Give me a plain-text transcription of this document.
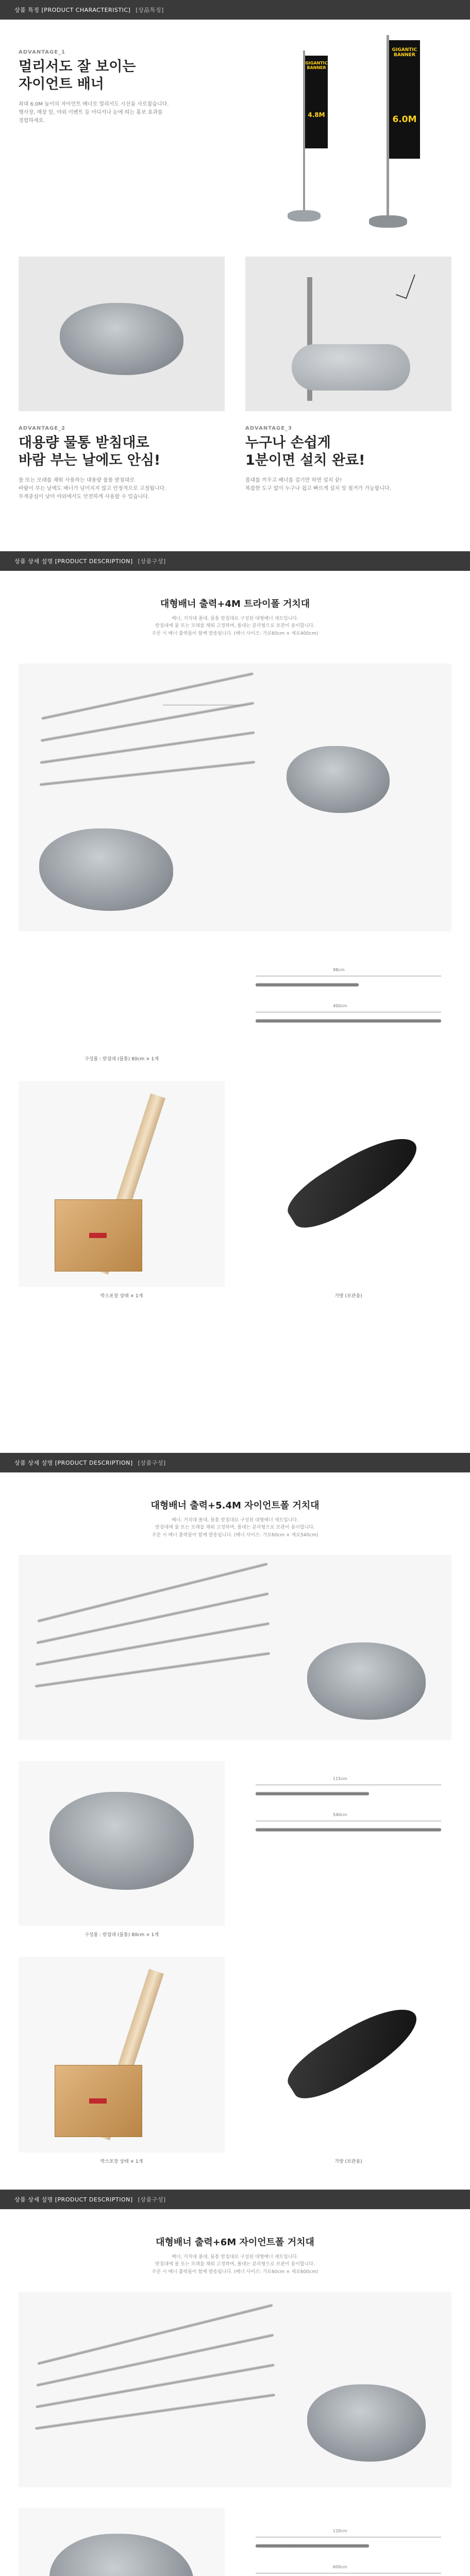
상품 특징
[PRODUCT CHARACTERISTIC] [상品특징]
ADVANTAGE_1
멀리서도 잘 보이는
자이언트 배너
최대 6.0M 높이의 자이언트 배너로 멀리서도 시선을 사로잡습니다.
행사장, 매장 앞, 야외 이벤트 등 어디서나 눈에 띄는 홍보 효과를
경험하세요.
GIGANTIC
BANNER
4.8M
GIGANTIC
BANNER
6.0M
ADVANTAGE_2
대용량 물통 받침대로
바람 부는 날에도 안심!
물 또는 모래를 채워 사용하는 대용량 물통 받침대로
바람이 부는 날에도 배너가 넘어지지 않고 안정적으로 고정됩니다.
무게중심이 낮아 야외에서도 안전하게 사용할 수 있습니다.
ADVANTAGE_3
누구나 손쉽게
1분이면 설치 완료!
폴대를 끼우고 배너를 걸기만 하면 설치 끝!
복잡한 도구 없이 누구나 쉽고 빠르게 설치 및 철거가 가능합니다.
상품 상세 설명
[PRODUCT DESCRIPTION] [상품구성]
대형배너 출력+4M 트라이폴 거치대
배너, 거치대 폴대, 물통 받침대로 구성된 대형배너 세트입니다.
받침대에 물 또는 모래를 채워 고정하며, 폴대는 분리형으로 보관이 용이합니다.
주문 시 배너 출력물이 함께 발송됩니다. (배너 사이즈: 가로60cm × 세로400cm)
98cm
400cm
구성품 : 받침대 (물통) 80cm × 1개
박스포장 상태 × 1개	가방 (보관용)
상품 상세 설명
[PRODUCT DESCRIPTION] [상품구성]
대형배너 출력+5.4M 자이언트폴 거치대
배너, 거치대 폴대, 물통 받침대로 구성된 대형배너 세트입니다.
받침대에 물 또는 모래를 채워 고정하며, 폴대는 분리형으로 보관이 용이합니다.
주문 시 배너 출력물이 함께 발송됩니다. (배너 사이즈: 가로60cm × 세로540cm)
115cm
540cm
구성품 : 받침대 (물통) 80cm × 1개
박스포장 상태 × 1개	가방 (보관용)
상품 상세 설명
[PRODUCT DESCRIPTION] [상품구성]
대형배너 출력+6M 자이언트폴 거치대
배너, 거치대 폴대, 물통 받침대로 구성된 대형배너 세트입니다.
받침대에 물 또는 모래를 채워 고정하며, 폴대는 분리형으로 보관이 용이합니다.
주문 시 배너 출력물이 함께 발송됩니다. (배너 사이즈: 가로60cm × 세로600cm)
120cm
600cm
